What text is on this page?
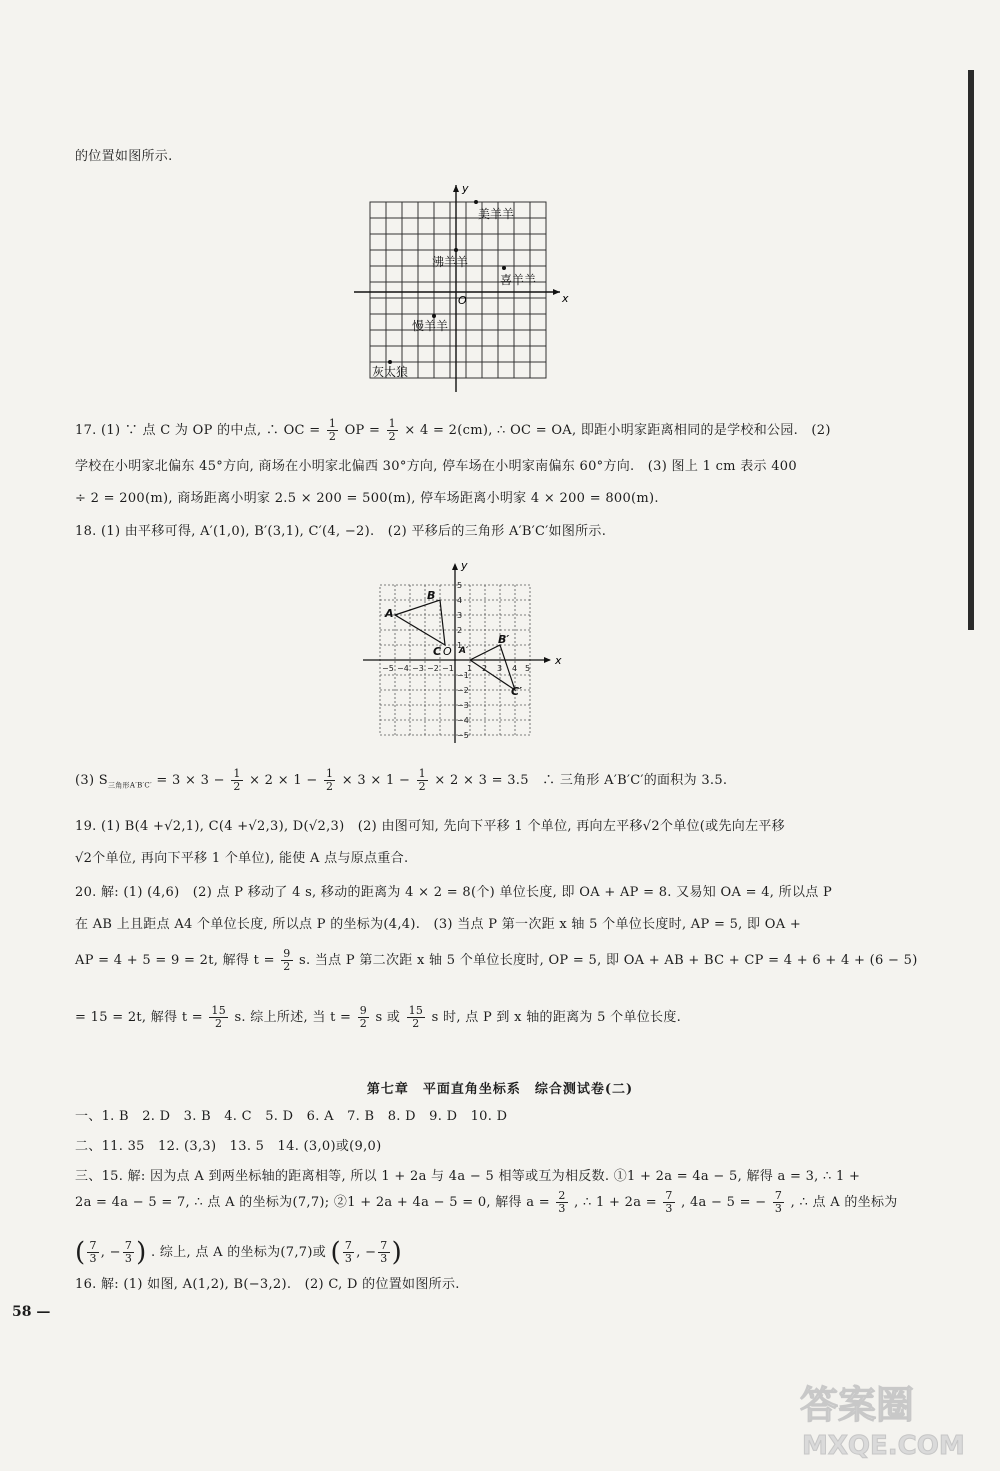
的位置如图所示.
y
x
O
美羊羊
沸羊羊
喜羊羊
慢羊羊
灰太狼
17. (1) ∵ 点 C 为 OP 的中点, ∴ OC = $\frac{1}{2}$ OP = $\frac{1}{2} \times 4 = 2(cm)$, ∴ OC = OA, 即距小明家距离相同的是学校和公园.　(2)
学校在小明家北偏东 45°方向, 商场在小明家北偏西 30°方向, 停车场在小明家南偏东 60°方向.　(3) 图上 1 cm 表示 400
÷ 2 = 200(m), 商场距离小明家 2.5 × 200 = 500(m), 停车场距离小明家 4 × 200 = 800(m).
18. (1) 由平移可得, A′(1,0), B′(3,1), C′(4, −2).　(2) 平移后的三角形 A′B′C′如图所示.
y
x
O
A
B
C
B′
C′
A′
−5 −4 −3 −2 −1 1 2 3 4 5
5
4
3
2
1
−1
−2
−3
−4
−5
(3) $S_{三角形A'B'C'} = 3 \times 3 - \frac{1}{2} \times 2 \times 1 - \frac{1}{2} \times 3 \times 1 - \frac{1}{2} \times 2 \times 3 = 3.5$　∴ 三角形 A′B′C′的面积为 3.5.
19. (1) B(4 +√2,1), C(4 +√2,3), D(√2,3)　(2) 由图可知, 先向下平移 1 个单位, 再向左平移√2个单位(或先向左平移
√2个单位, 再向下平移 1 个单位), 能使 A 点与原点重合.
20. 解: (1) (4,6)　(2) 点 P 移动了 4 s, 移动的距离为 4 × 2 = 8(个) 单位长度, 即 OA + AP = 8. 又易知 OA = 4, 所以点 P
在 AB 上且距点 A4 个单位长度, 所以点 P 的坐标为(4,4).　(3) 当点 P 第一次距 x 轴 5 个单位长度时, AP = 5, 即 OA +
AP = 4 + 5 = 9 = 2t, 解得 $t = \frac{9}{2} s$. 当点 P 第二次距 x 轴 5 个单位长度时, OP = 5, 即 OA + AB + BC + CP = 4 + 6 + 4 + (6 − 5)
= 15 = 2t, 解得 $t = \frac{15}{2} s$. 综上所述, 当 $t = \frac{9}{2}$ s 或 $\frac{15}{2}$ s 时, 点 P 到 x 轴的距离为 5 个单位长度.
第七章　平面直角坐标系　综合测试卷(二)
一、1. B　2. D　3. B　4. C　5. D　6. A　7. B　8. D　9. D　10. D
二、11. 35　12. (3,3)　13. 5　14. (3,0)或(9,0)
三、15. 解: 因为点 A 到两坐标轴的距离相等, 所以 1 + 2a 与 4a − 5 相等或互为相反数. ①1 + 2a = 4a − 5, 解得 a = 3, ∴ 1 +
2a = 4a − 5 = 7, ∴ 点 A 的坐标为(7,7); ②1 + 2a + 4a − 5 = 0, 解得 $a = \frac{2}{3}$ , ∴ $1 + 2a = \frac{7}{3}$ , 4a − 5 = − $\frac{7}{3}$ , ∴ 点 A 的坐标为
( $\frac{7}{3}$ , − $\frac{7}{3}$ ) . 综上, 点 A 的坐标为(7,7)或 ( $\frac{7}{3}$ , − $\frac{7}{3}$ )
16. 解: (1) 如图, A(1,2), B(−3,2).　(2) C, D 的位置如图所示.
58 —
答案圈
MXQE.COM
